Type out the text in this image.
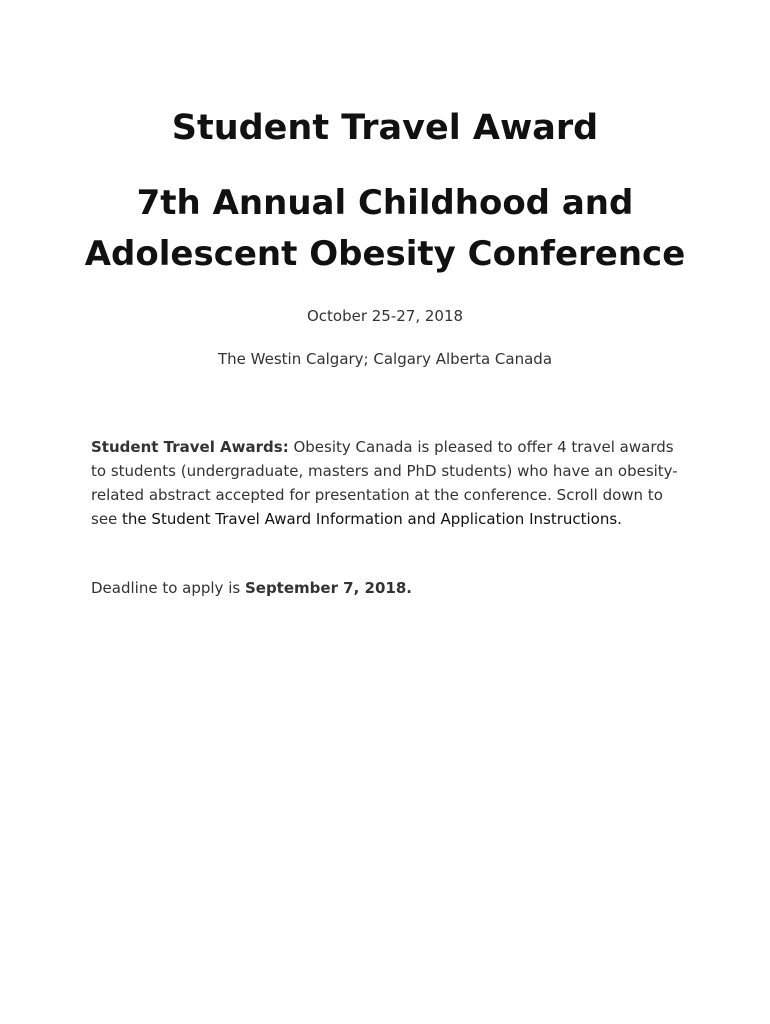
Student Travel Award
7th Annual Childhood and Adolescent Obesity Conference

October 25-27, 2018

The Westin Calgary; Calgary Alberta Canada

Student Travel Awards: Obesity Canada is pleased to offer 4 travel awards to students (undergraduate, masters and PhD students) who have an obesity-related abstract accepted for presentation at the conference. Scroll down to see the Student Travel Award Information and Application Instructions.

Deadline to apply is September 7, 2018.
